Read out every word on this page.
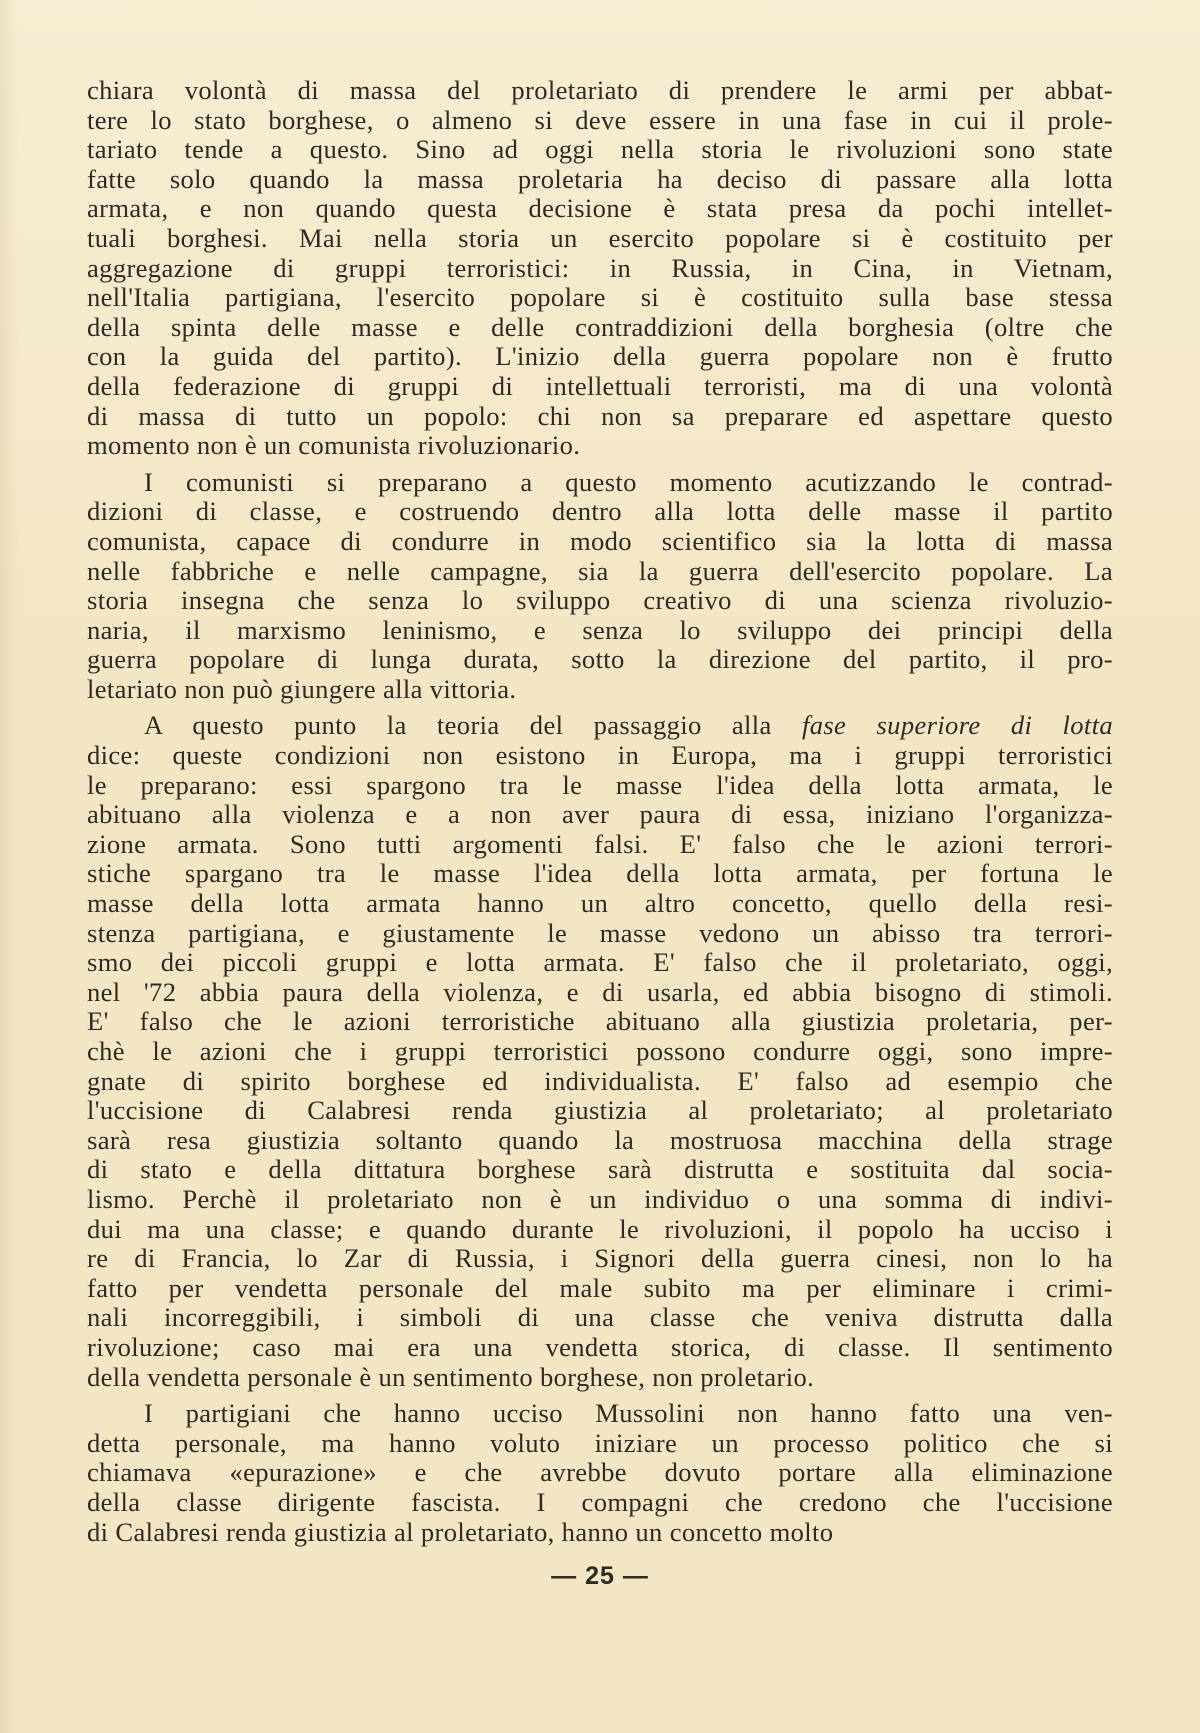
chiara volontà di massa del proletariato di prendere le armi per abbat-
tere lo stato borghese, o almeno si deve essere in una fase in cui il prole-
tariato tende a questo. Sino ad oggi nella storia le rivoluzioni sono state
fatte solo quando la massa proletaria ha deciso di passare alla lotta
armata, e non quando questa decisione è stata presa da pochi intellet-
tuali borghesi. Mai nella storia un esercito popolare si è costituito per
aggregazione di gruppi terroristici: in Russia, in Cina, in Vietnam,
nell'Italia partigiana, l'esercito popolare si è costituito sulla base stessa
della spinta delle masse e delle contraddizioni della borghesia (oltre che
con la guida del partito). L'inizio della guerra popolare non è frutto
della federazione di gruppi di intellettuali terroristi, ma di una volontà
di massa di tutto un popolo: chi non sa preparare ed aspettare questo
momento non è un comunista rivoluzionario.
I comunisti si preparano a questo momento acutizzando le contrad-
dizioni di classe, e costruendo dentro alla lotta delle masse il partito
comunista, capace di condurre in modo scientifico sia la lotta di massa
nelle fabbriche e nelle campagne, sia la guerra dell'esercito popolare. La
storia insegna che senza lo sviluppo creativo di una scienza rivoluzio-
naria, il marxismo leninismo, e senza lo sviluppo dei principi della
guerra popolare di lunga durata, sotto la direzione del partito, il pro-
letariato non può giungere alla vittoria.
A questo punto la teoria del passaggio alla fase superiore di lotta
dice: queste condizioni non esistono in Europa, ma i gruppi terroristici
le preparano: essi spargono tra le masse l'idea della lotta armata, le
abituano alla violenza e a non aver paura di essa, iniziano l'organizza-
zione armata. Sono tutti argomenti falsi. E' falso che le azioni terrori-
stiche spargano tra le masse l'idea della lotta armata, per fortuna le
masse della lotta armata hanno un altro concetto, quello della resi-
stenza partigiana, e giustamente le masse vedono un abisso tra terrori-
smo dei piccoli gruppi e lotta armata. E' falso che il proletariato, oggi,
nel '72 abbia paura della violenza, e di usarla, ed abbia bisogno di stimoli.
E' falso che le azioni terroristiche abituano alla giustizia proletaria, per-
chè le azioni che i gruppi terroristici possono condurre oggi, sono impre-
gnate di spirito borghese ed individualista. E' falso ad esempio che
l'uccisione di Calabresi renda giustizia al proletariato; al proletariato
sarà resa giustizia soltanto quando la mostruosa macchina della strage
di stato e della dittatura borghese sarà distrutta e sostituita dal socia-
lismo. Perchè il proletariato non è un individuo o una somma di indivi-
dui ma una classe; e quando durante le rivoluzioni, il popolo ha ucciso i
re di Francia, lo Zar di Russia, i Signori della guerra cinesi, non lo ha
fatto per vendetta personale del male subito ma per eliminare i crimi-
nali incorreggibili, i simboli di una classe che veniva distrutta dalla
rivoluzione; caso mai era una vendetta storica, di classe. Il sentimento
della vendetta personale è un sentimento borghese, non proletario.
I partigiani che hanno ucciso Mussolini non hanno fatto una ven-
detta personale, ma hanno voluto iniziare un processo politico che si
chiamava «epurazione» e che avrebbe dovuto portare alla eliminazione
della classe dirigente fascista. I compagni che credono che l'uccisione
di Calabresi renda giustizia al proletariato, hanno un concetto molto
— 25 —
